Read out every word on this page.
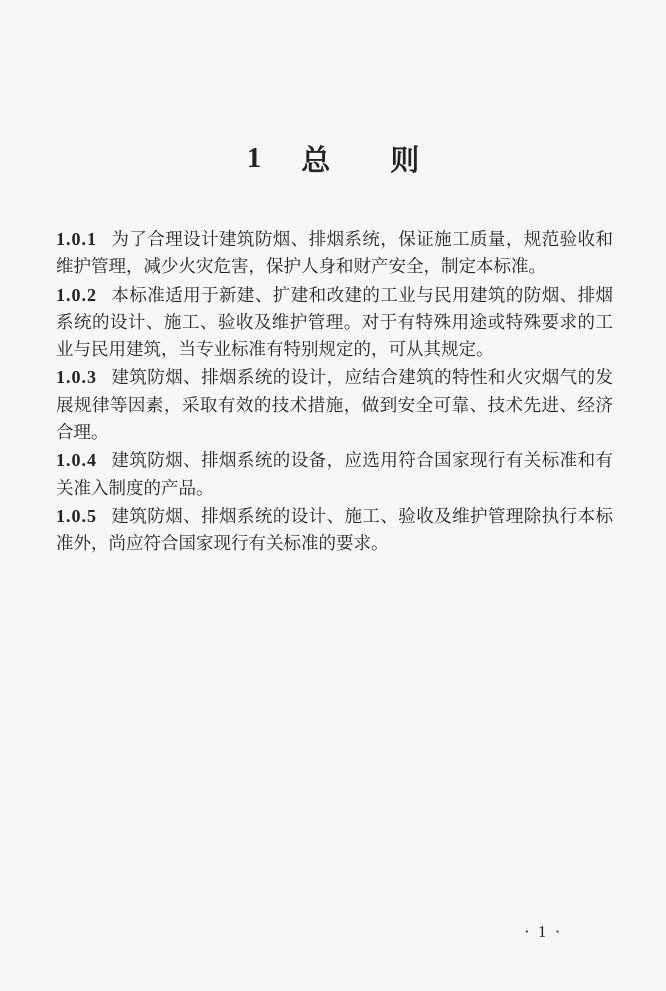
1 总 则

1.0.1 为了合理设计建筑防烟、排烟系统，保证施工质量，规范验收和维护管理，减少火灾危害，保护人身和财产安全，制定本标准。

1.0.2 本标准适用于新建、扩建和改建的工业与民用建筑的防烟、排烟系统的设计、施工、验收及维护管理。对于有特殊用途或特殊要求的工业与民用建筑，当专业标准有特别规定的，可从其规定。

1.0.3 建筑防烟、排烟系统的设计，应结合建筑的特性和火灾烟气的发展规律等因素，采取有效的技术措施，做到安全可靠、技术先进、经济合理。

1.0.4 建筑防烟、排烟系统的设备，应选用符合国家现行有关标准和有关准入制度的产品。

1.0.5 建筑防烟、排烟系统的设计、施工、验收及维护管理除执行本标准外，尚应符合国家现行有关标准的要求。

· 1 ·
